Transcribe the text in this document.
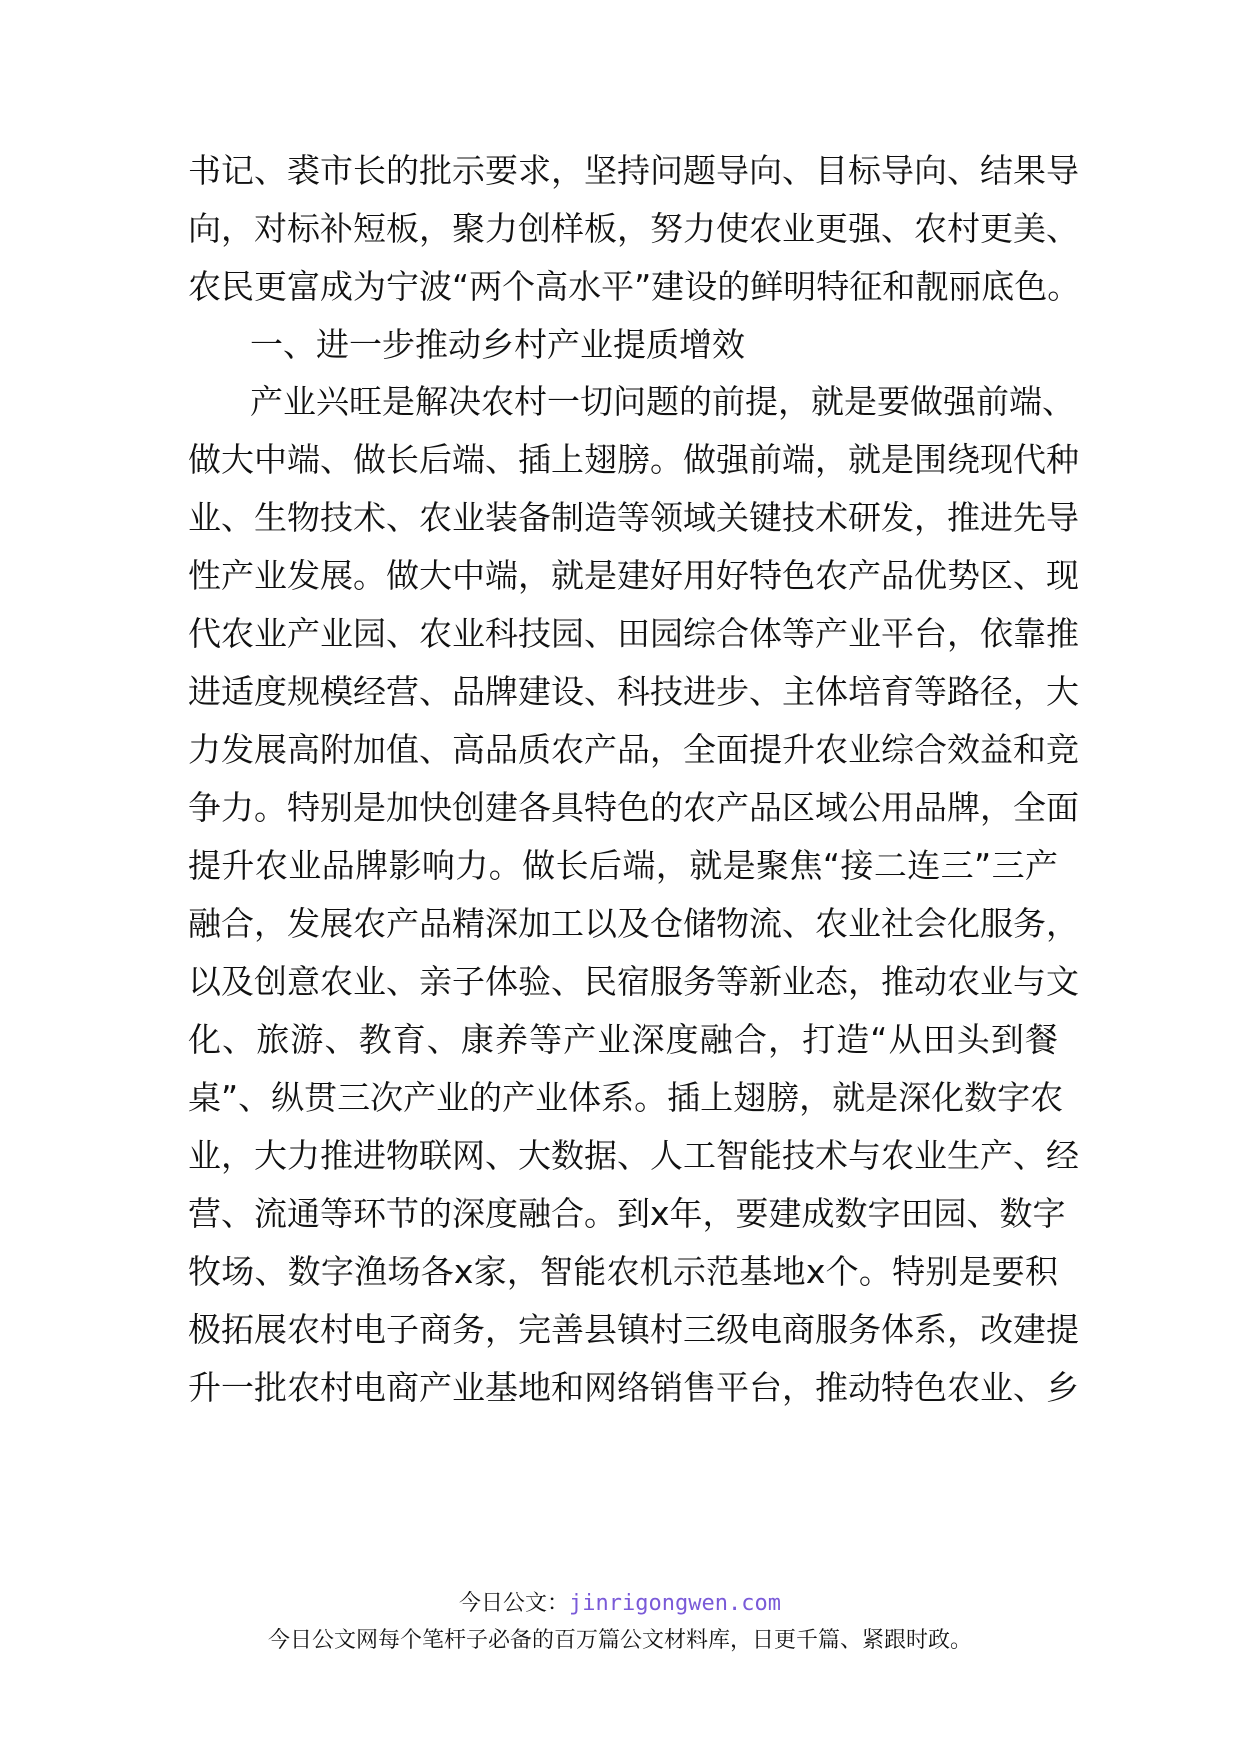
书记、裘市长的批示要求，坚持问题导向、目标导向、结果导
向，对标补短板，聚力创样板，努力使农业更强、农村更美、
农民更富成为宁波“两个高水平”建设的鲜明特征和靓丽底色。
一、进一步推动乡村产业提质增效
产业兴旺是解决农村一切问题的前提，就是要做强前端、
做大中端、做长后端、插上翅膀。做强前端，就是围绕现代种
业、生物技术、农业装备制造等领域关键技术研发，推进先导
性产业发展。做大中端，就是建好用好特色农产品优势区、现
代农业产业园、农业科技园、田园综合体等产业平台，依靠推
进适度规模经营、品牌建设、科技进步、主体培育等路径，大
力发展高附加值、高品质农产品，全面提升农业综合效益和竞
争力。特别是加快创建各具特色的农产品区域公用品牌，全面
提升农业品牌影响力。做长后端，就是聚焦“接二连三”三产
融合，发展农产品精深加工以及仓储物流、农业社会化服务，
以及创意农业、亲子体验、民宿服务等新业态，推动农业与文
化、旅游、教育、康养等产业深度融合，打造“从田头到餐
桌”、纵贯三次产业的产业体系。插上翅膀，就是深化数字农
业，大力推进物联网、大数据、人工智能技术与农业生产、经
营、流通等环节的深度融合。到x年，要建成数字田园、数字
牧场、数字渔场各x家，智能农机示范基地x个。特别是要积
极拓展农村电子商务，完善县镇村三级电商服务体系，改建提
升一批农村电商产业基地和网络销售平台，推动特色农业、乡
今日公文：jinrigongwen.com
今日公文网每个笔杆子必备的百万篇公文材料库，日更千篇、紧跟时政。
